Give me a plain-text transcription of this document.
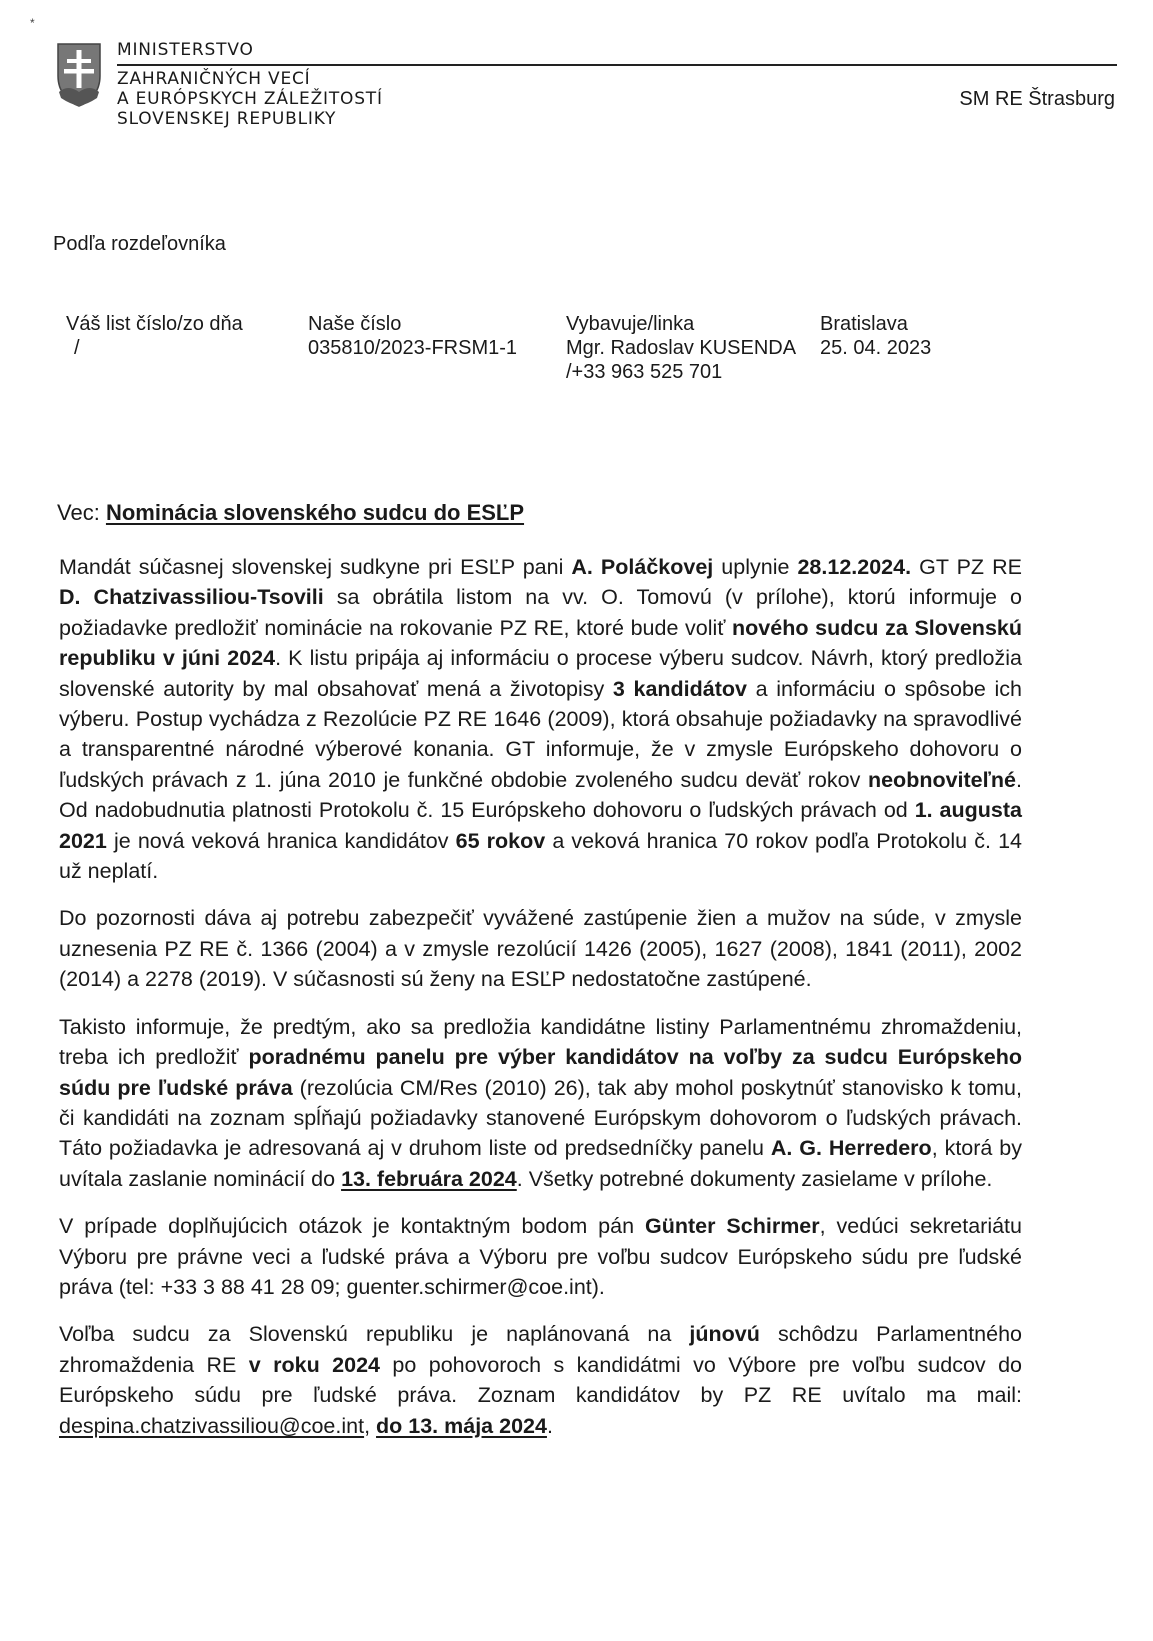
*
MINISTERSTVO
ZAHRANIČNÝCH VECÍ
A EURÓPSKYCH ZÁLEŽITOSTÍ
SLOVENSKEJ REPUBLIKY
SM RE Štrasburg
Podľa rozdeľovníka
Váš list číslo/zo dňa
/
Naše číslo
035810/2023-FRSM1-1
Vybavuje/linka
Mgr. Radoslav KUSENDA /+33 963 525 701
Bratislava
25. 04. 2023
Vec: Nominácia slovenského sudcu do ESĽP

Mandát súčasnej slovenskej sudkyne pri ESĽP pani A. Poláčkovej uplynie 28.12.2024. GT PZ RE D. Chatzivassiliou-Tsovili sa obrátila listom na vv. O. Tomovú (v prílohe), ktorú informuje o požiadavke predložiť nominácie na rokovanie PZ RE, ktoré bude voliť nového sudcu za Slovenskú republiku v júni 2024. K listu pripája aj informáciu o procese výberu sudcov. Návrh, ktorý predložia slovenské autority by mal obsahovať mená a životopisy 3 kandidátov a informáciu o spôsobe ich výberu. Postup vychádza z Rezolúcie PZ RE 1646 (2009), ktorá obsahuje požiadavky na spravodlivé a transparentné národné výberové konania. GT informuje, že v zmysle Európskeho dohovoru o ľudských právach z 1. júna 2010 je funkčné obdobie zvoleného sudcu deväť rokov neobnoviteľné. Od nadobudnutia platnosti Protokolu č. 15 Európskeho dohovoru o ľudských právach od 1. augusta 2021 je nová veková hranica kandidátov 65 rokov a veková hranica 70 rokov podľa Protokolu č. 14 už neplatí.

Do pozornosti dáva aj potrebu zabezpečiť vyvážené zastúpenie žien a mužov na súde, v zmysle uznesenia PZ RE č. 1366 (2004) a v zmysle rezolúcií 1426 (2005), 1627 (2008), 1841 (2011), 2002 (2014) a 2278 (2019). V súčasnosti sú ženy na ESĽP nedostatočne zastúpené.

Takisto informuje, že predtým, ako sa predložia kandidátne listiny Parlamentnému zhromaždeniu, treba ich predložiť poradnému panelu pre výber kandidátov na voľby za sudcu Európskeho súdu pre ľudské práva (rezolúcia CM/Res (2010) 26), tak aby mohol poskytnúť stanovisko k tomu, či kandidáti na zoznam spĺňajú požiadavky stanovené Európskym dohovorom o ľudských právach. Táto požiadavka je adresovaná aj v druhom liste od predsedníčky panelu A. G. Herredero, ktorá by uvítala zaslanie nominácií do 13. februára 2024. Všetky potrebné dokumenty zasielame v prílohe.

V prípade doplňujúcich otázok je kontaktným bodom pán Günter Schirmer, vedúci sekretariátu Výboru pre právne veci a ľudské práva a Výboru pre voľbu sudcov Európskeho súdu pre ľudské práva (tel: +33 3 88 41 28 09; guenter.schirmer@coe.int).

Voľba sudcu za Slovenskú republiku je naplánovaná na júnovú schôdzu Parlamentného zhromaždenia RE v roku 2024 po pohovoroch s kandidátmi vo Výbore pre voľbu sudcov do Európskeho súdu pre ľudské práva. Zoznam kandidátov by PZ RE uvítalo ma mail: despina.chatzivassiliou@coe.int, do 13. mája 2024.
